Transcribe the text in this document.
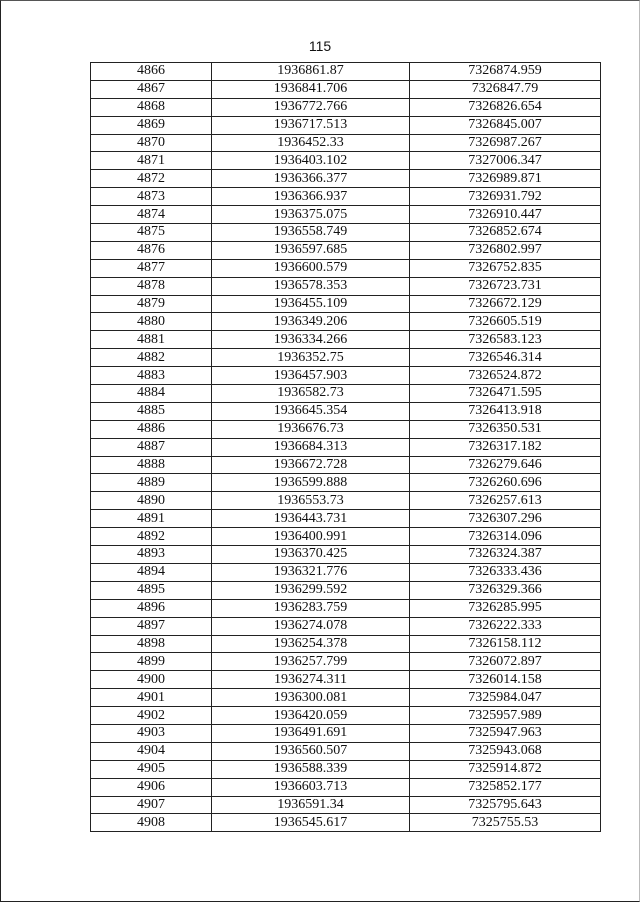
115
4866	1936861.87	7326874.959
4867	1936841.706	7326847.79
4868	1936772.766	7326826.654
4869	1936717.513	7326845.007
4870	1936452.33	7326987.267
4871	1936403.102	7327006.347
4872	1936366.377	7326989.871
4873	1936366.937	7326931.792
4874	1936375.075	7326910.447
4875	1936558.749	7326852.674
4876	1936597.685	7326802.997
4877	1936600.579	7326752.835
4878	1936578.353	7326723.731
4879	1936455.109	7326672.129
4880	1936349.206	7326605.519
4881	1936334.266	7326583.123
4882	1936352.75	7326546.314
4883	1936457.903	7326524.872
4884	1936582.73	7326471.595
4885	1936645.354	7326413.918
4886	1936676.73	7326350.531
4887	1936684.313	7326317.182
4888	1936672.728	7326279.646
4889	1936599.888	7326260.696
4890	1936553.73	7326257.613
4891	1936443.731	7326307.296
4892	1936400.991	7326314.096
4893	1936370.425	7326324.387
4894	1936321.776	7326333.436
4895	1936299.592	7326329.366
4896	1936283.759	7326285.995
4897	1936274.078	7326222.333
4898	1936254.378	7326158.112
4899	1936257.799	7326072.897
4900	1936274.311	7326014.158
4901	1936300.081	7325984.047
4902	1936420.059	7325957.989
4903	1936491.691	7325947.963
4904	1936560.507	7325943.068
4905	1936588.339	7325914.872
4906	1936603.713	7325852.177
4907	1936591.34	7325795.643
4908	1936545.617	7325755.53
